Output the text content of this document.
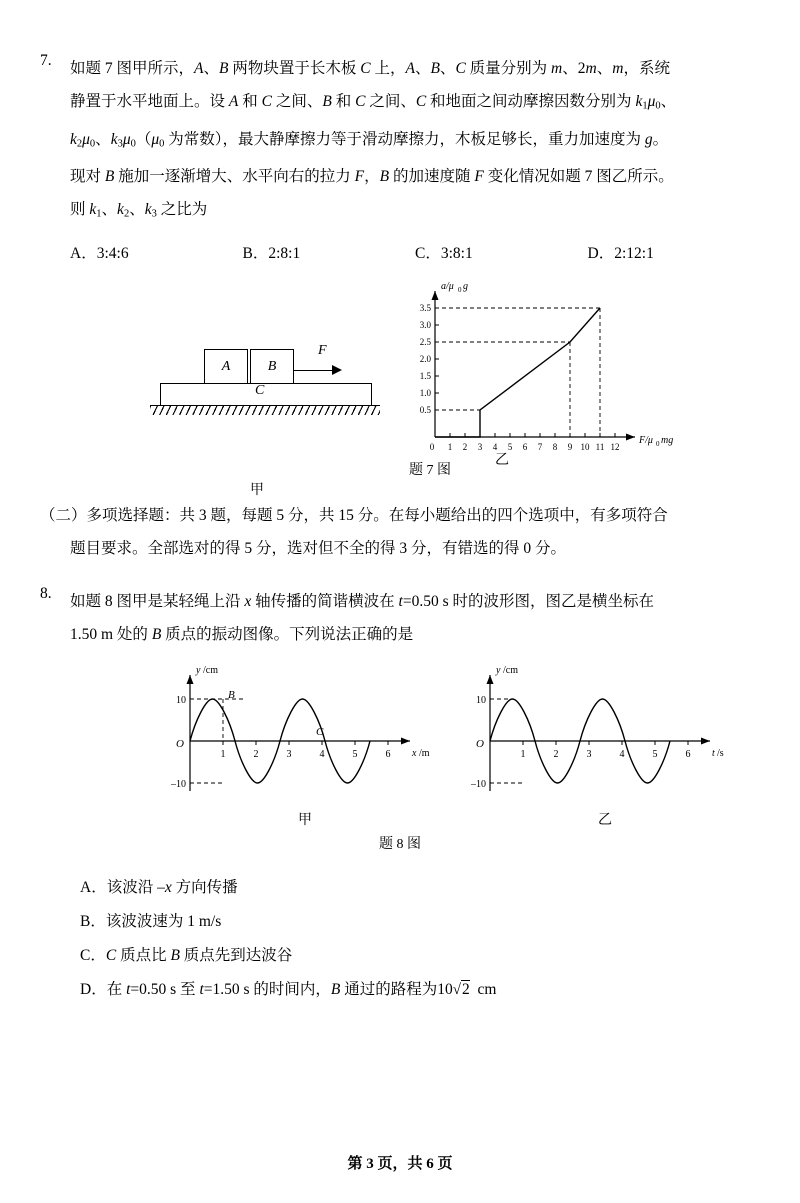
7.	如题 7 图甲所示，A、B 两物块置于长木板 C 上，A、B、C 质量分别为 m、2m、m，系统

静置于水平地面上。设 A 和 C 之间、B 和 C 之间、C 和地面之间动摩擦因数分别为 k1μ0、

k2μ0、k3μ0（μ0 为常数），最大静摩擦力等于滑动摩擦力，木板足够长，重力加速度为 g。

现对 B 施加一逐渐增大、水平向右的拉力 F，B 的加速度随 F 变化情况如题 7 图乙所示。

则 k1、k2、k3 之比为

A．3:4:6	B．2:8:1	C．3:8:1	D．2:12:1
A	B
C
F
甲
3.5
3.0
2.5
2.0
1.5
1.0
0.5
0 1 2 3 4 5 6 7 8 9 10 11 12
a/μ 0 g
F/μ 0 mg
乙
题 7 图
（二）多项选择题：共 3 题，每题 5 分，共 15 分。在每小题给出的四个选项中，有多项符合
题目要求。全部选对的得 5 分，选对但不全的得 3 分，有错选的得 0 分。
8.	如题 8 图甲是某轻绳上沿 x 轴传播的简谐横波在 t=0.50 s 时的波形图，图乙是横坐标在

1.50 m 处的 B 质点的振动图像。下列说法正确的是

1	2	3	4	5	6
10
–10
O
y /cm
x /m
B
C
甲
1	2	3	4	5	6
10
–10
O
y /cm
t /s
乙
题 8 图
A．该波沿 –x 方向传播
B．该波波速为 1 m/s
C．C 质点比 B 质点先到达波谷
D．在 t=0.50 s 至 t=1.50 s 的时间内，B 通过的路程为10√2  cm
第 3 页，共 6 页
